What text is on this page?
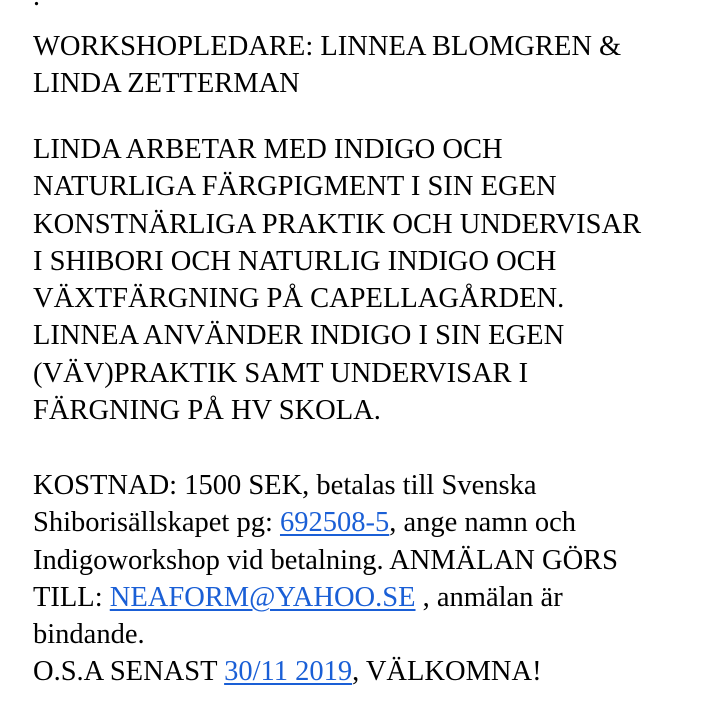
WORKSHOPLEDARE: LINNEA BLOMGREN &
LINDA ZETTERMAN
LINDA ARBETAR MED INDIGO OCH
NATURLIGA FÄRGPIGMENT I SIN EGEN
KONSTNÄRLIGA PRAKTIK OCH UNDERVISAR
I SHIBORI OCH NATURLIG INDIGO OCH
VÄXTFÄRGNING PÅ CAPELLAGÅRDEN.
LINNEA ANVÄNDER INDIGO I SIN EGEN
(VÄV)PRAKTIK SAMT UNDERVISAR I
FÄRGNING PÅ HV SKOLA.
KOSTNAD: 1500 SEK, betalas till Svenska
Shiborisällskapet pg: 692508-5, ange namn och
Indigoworkshop vid betalning. ANMÄLAN GÖRS
TILL: NEAFORM@YAHOO.SE , anmälan är
bindande.
O.S.A SENAST 30/11 2019, VÄLKOMNA!
